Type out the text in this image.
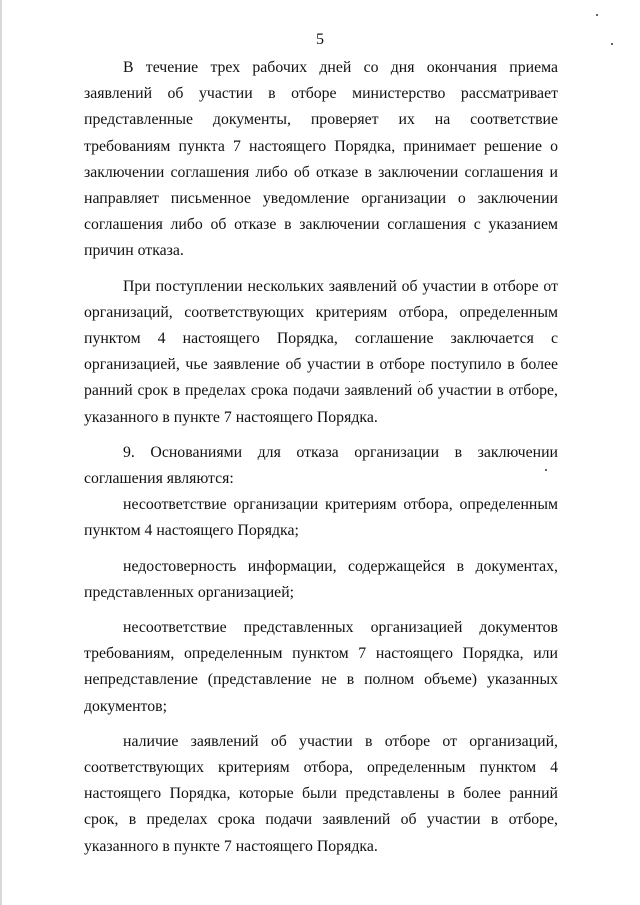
5

В течение трех рабочих дней со дня окончания приема заявлений об участии в отборе министерство рассматривает представленные документы, проверяет их на соответствие требованиям пункта 7 настоящего Порядка, принимает решение о заключении соглашения либо об отказе в заключении соглашения и направляет письменное уведомление организации о заключении соглашения либо об отказе в заключении соглашения с указанием причин отказа.

При поступлении нескольких заявлений об участии в отборе от организаций, соответствующих критериям отбора, определенным пунктом 4 настоящего Порядка, соглашение заключается с организацией, чье заявление об участии в отборе поступило в более ранний срок в пределах срока подачи заявлений об участии в отборе, указанного в пункте 7 настоящего Порядка.

9. Основаниями для отказа организации в заключении соглашения являются:

несоответствие организации критериям отбора, определенным пунктом 4 настоящего Порядка;

недостоверность информации, содержащейся в документах, представленных организацией;

несоответствие представленных организацией документов требованиям, определенным пунктом 7 настоящего Порядка, или непредставление (представление не в полном объеме) указанных документов;

наличие заявлений об участии в отборе от организаций, соответствующих критериям отбора, определенным пунктом 4 настоящего Порядка, которые были представлены в более ранний срок, в пределах срока подачи заявлений об участии в отборе, указанного в пункте 7 настоящего Порядка.
